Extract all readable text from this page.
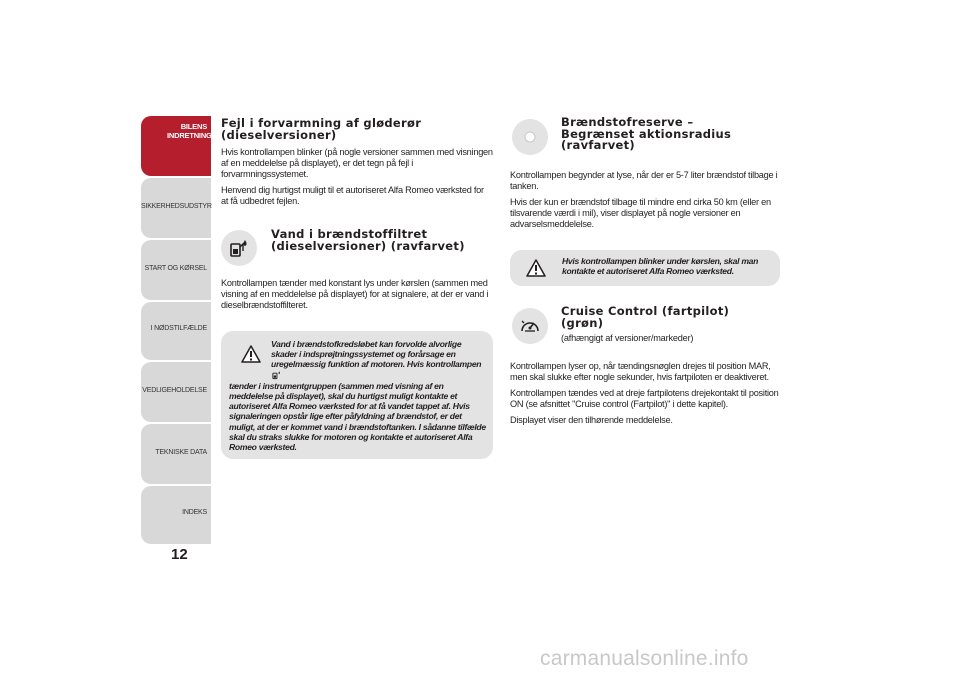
BILENS INDRETNING
SIKKERHEDSUDSTYR
START OG KØRSEL
I NØDSTILFÆLDE
VEDLIGEHOLDELSE
TEKNISKE DATA
INDEKS
12
Fejl i forvarmning af gløderør (dieselversioner)

Hvis kontrollampen blinker (på nogle versioner sammen med visningen af en meddelelse på displayet), er det tegn på fejl i forvarmningssystemet.

Henvend dig hurtigst muligt til et autoriseret Alfa Romeo værksted for at få udbedret fejlen.

Vand i brændstoffiltret (dieselversioner) (ravfarvet)

Kontrollampen tænder med konstant lys under kørslen (sammen med visning af en meddelelse på displayet) for at signalere, at der er vand i dieselbrændstoffilteret.

Vand i brændstofkredsløbet kan forvolde alvorlige skader i indsprøjtningssystemet og forårsage en uregelmæssig funktion af motoren. Hvis kontrollampen

tænder i instrumentgruppen (sammen med visning af en meddelelse på displayet), skal du hurtigst muligt kontakte et autoriseret Alfa Romeo værksted for at få vandet tappet af. Hvis signaleringen opstår lige efter påfyldning af brændstof, er det muligt, at der er kommet vand i brændstoftanken. I sådanne tilfælde skal du straks slukke for motoren og kontakte et autoriseret Alfa Romeo værksted.

Brændstofreserve – Begrænset aktionsradius (ravfarvet)

Kontrollampen begynder at lyse, når der er 5-7 liter brændstof tilbage i tanken.

Hvis der kun er brændstof tilbage til mindre end cirka 50 km (eller en tilsvarende værdi i mil), viser displayet på nogle versioner en advarselsmeddelelse.

Hvis kontrollampen blinker under kørslen, skal man kontakte et autoriseret Alfa Romeo værksted.

Cruise Control (fartpilot) (grøn)

(afhængigt af versioner/markeder)

Kontrollampen lyser op, når tændingsnøglen drejes til position MAR, men skal slukke efter nogle sekunder, hvis fartpiloten er deaktiveret.

Kontrollampen tændes ved at dreje fartpilotens drejekontakt til position ON (se afsnittet "Cruise control (Fartpilot)" i dette kapitel).

Displayet viser den tilhørende meddelelse.

carmanualsonline.info
